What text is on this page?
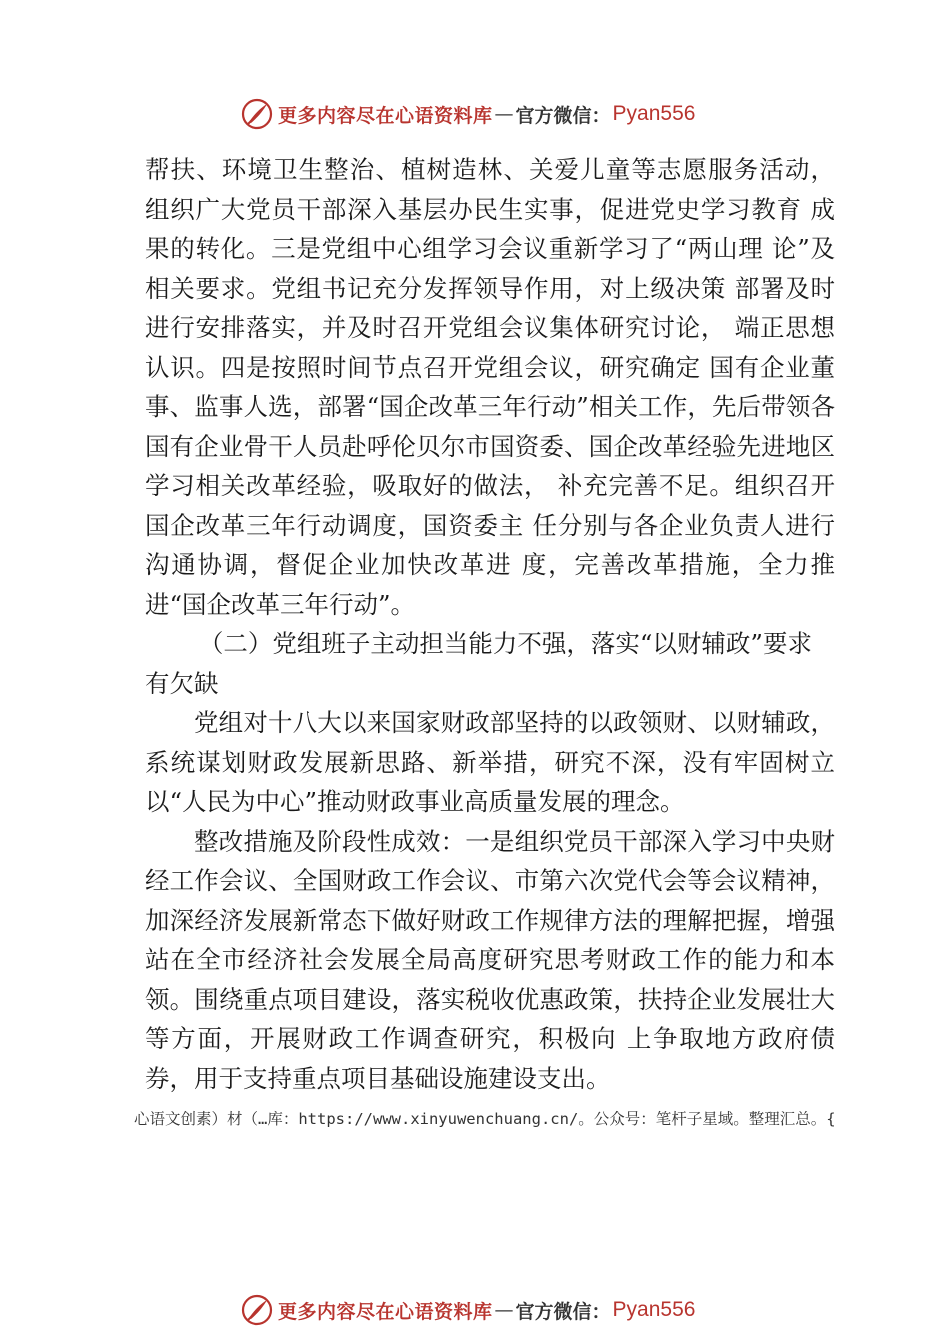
更多内容尽在心语资料库 — 官方微信： Pyan556

帮扶、环境卫生整治、植树造林、关爱儿童等志愿服务活动， 组织广大党员干部深入基层办民生实事，促进党史学习教育 成果的转化。三是党组中心组学习会议重新学习了“两山理 论”及相关要求。党组书记充分发挥领导作用，对上级决策 部署及时进行安排落实，并及时召开党组会议集体研究讨论， 端正思想认识。四是按照时间节点召开党组会议，研究确定 国有企业董事、监事人选，部署“国企改革三年行动”相关工作，先后带领各国有企业骨干人员赴呼伦贝尔市国资委、国企改革经验先进地区学习相关改革经验，吸取好的做法， 补充完善不足。组织召开国企改革三年行动调度，国资委主 任分别与各企业负责人进行沟通协调，督促企业加快改革进 度，完善改革措施，全力推进“国企改革三年行动”。

（二）党组班子主动担当能力不强，落实“以财辅政”要求有欠缺

党组对十八大以来国家财政部坚持的以政领财、以财辅政，系统谋划财政发展新思路、新举措，研究不深，没有牢固树立以“人民为中心”推动财政事业高质量发展的理念。

整改措施及阶段性成效：一是组织党员干部深入学习中央财经工作会议、全国财政工作会议、市第六次党代会等会议精神，加深经济发展新常态下做好财政工作规律方法的理解把握，增强站在全市经济社会发展全局高度研究思考财政工作的能力和本领。围绕重点项目建设，落实税收优惠政策，扶持企业发展壮大等方面，开展财政工作调查研究，积极向 上争取地方政府债券，用于支持重点项目基础设施建设支出。

心语文创素）材（…库：https://www.xinyuwenchuang.cn/。公众号：笔杆子星域。整理汇总。{
更多内容尽在心语资料库 — 官方微信： Pyan556
